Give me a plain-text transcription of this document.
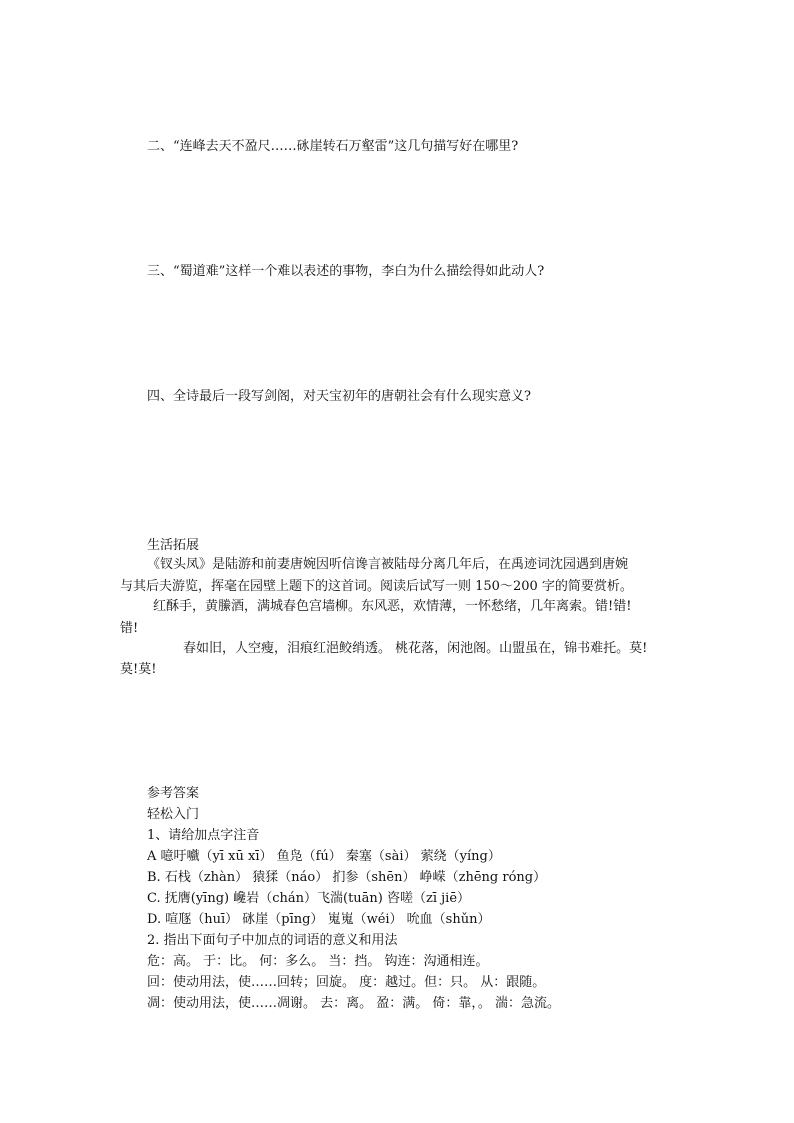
二、“连峰去天不盈尺……砯崖转石万壑雷”这几句描写好在哪里?
三、“蜀道难”这样一个难以表述的事物，李白为什么描绘得如此动人?
四、全诗最后一段写剑阁，对天宝初年的唐朝社会有什么现实意义?
生活拓展
《钗头凤》是陆游和前妻唐婉因听信谗言被陆母分离几年后，在禹迹词沈园遇到唐婉
与其后夫游览，挥毫在园壁上题下的这首词。阅读后试写一则 150～200 字的简要赏析。
红酥手，黄縢酒，满城春色宫墙柳。东风恶，欢情薄，一怀愁绪，几年离索。错!错!
错!
春如旧，人空瘦，泪痕红浥鲛绡透。 桃花落，闲池阁。山盟虽在，锦书难托。莫!
莫!莫!
参考答案
轻松入门
1、请给加点字注音
A 噫吁嚱（yī xū xī） 鱼凫（fú） 秦塞（sài） 萦绕（yíng）
B. 石栈（zhàn） 猿猱（náo） 扪参（shēn） 峥嵘（zhēng róng）
C. 抚膺(yīng) 巉岩（chán）飞湍(tuān) 咨嗟（zī jiē）
D. 喧豗（huī） 砯崖（pīng） 嵬嵬（wéi） 吮血（shǔn）
2. 指出下面句子中加点的词语的意义和用法
危：高。 于：比。 何：多么。 当：挡。 钩连：沟通相连。
回：使动用法，使……回转；回旋。 度：越过。但：只。 从：跟随。
凋：使动用法，使……凋谢。 去：离。 盈：满。 倚：靠，。 湍：急流。
